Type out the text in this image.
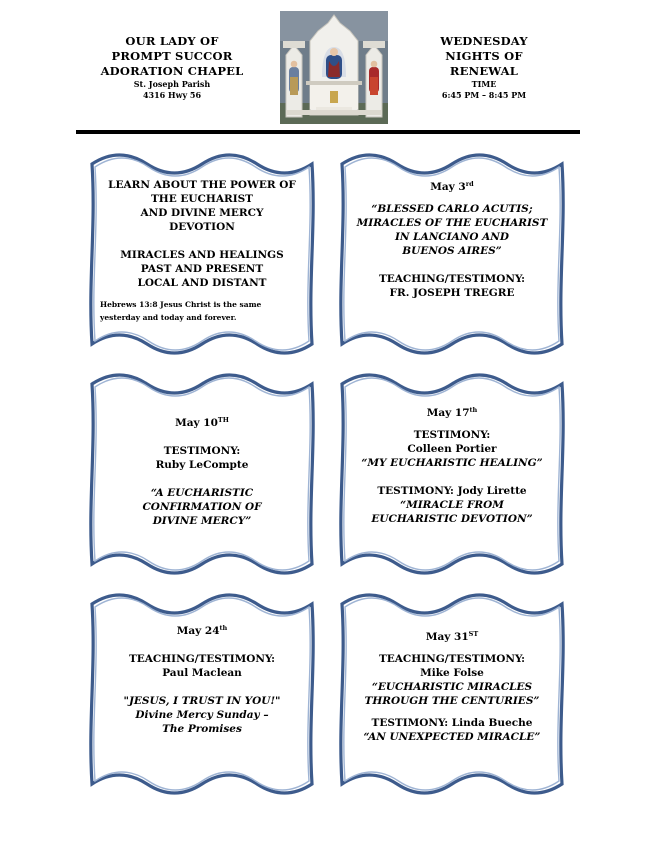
OUR LADY OF
PROMPT SUCCOR
ADORATION CHAPEL
St. Joseph Parish
4316 Hwy 56
WEDNESDAY
NIGHTS OF
RENEWAL
TIME
6:45 PM – 8:45 PM
LEARN ABOUT THE POWER OF
THE EUCHARIST
AND DIVINE MERCY
DEVOTION
MIRACLES AND HEALINGS
PAST AND PRESENT
LOCAL AND DISTANT
Hebrews 13:8 Jesus Christ is the same
yesterday and today and forever.
May 3rd
“BLESSED CARLO ACUTIS;
MIRACLES OF THE EUCHARIST
IN LANCIANO AND
BUENOS AIRES”
TEACHING/TESTIMONY:
FR. JOSEPH TREGRE
May 10TH
TESTIMONY:
Ruby LeCompte
“A EUCHARISTIC
CONFIRMATION OF
DIVINE MERCY”
May 17th
TESTIMONY:
Colleen Portier
“MY EUCHARISTIC HEALING”
TESTIMONY: Jody Lirette
“MIRACLE FROM
EUCHARISTIC DEVOTION”
May 24th
TEACHING/TESTIMONY:
Paul Maclean
"JESUS, I TRUST IN YOU!"
Divine Mercy Sunday –
The Promises
May 31ST
TEACHING/TESTIMONY:
Mike Folse
“EUCHARISTIC MIRACLES
THROUGH THE CENTURIES”
TESTIMONY: Linda Bueche
“AN UNEXPECTED MIRACLE”
